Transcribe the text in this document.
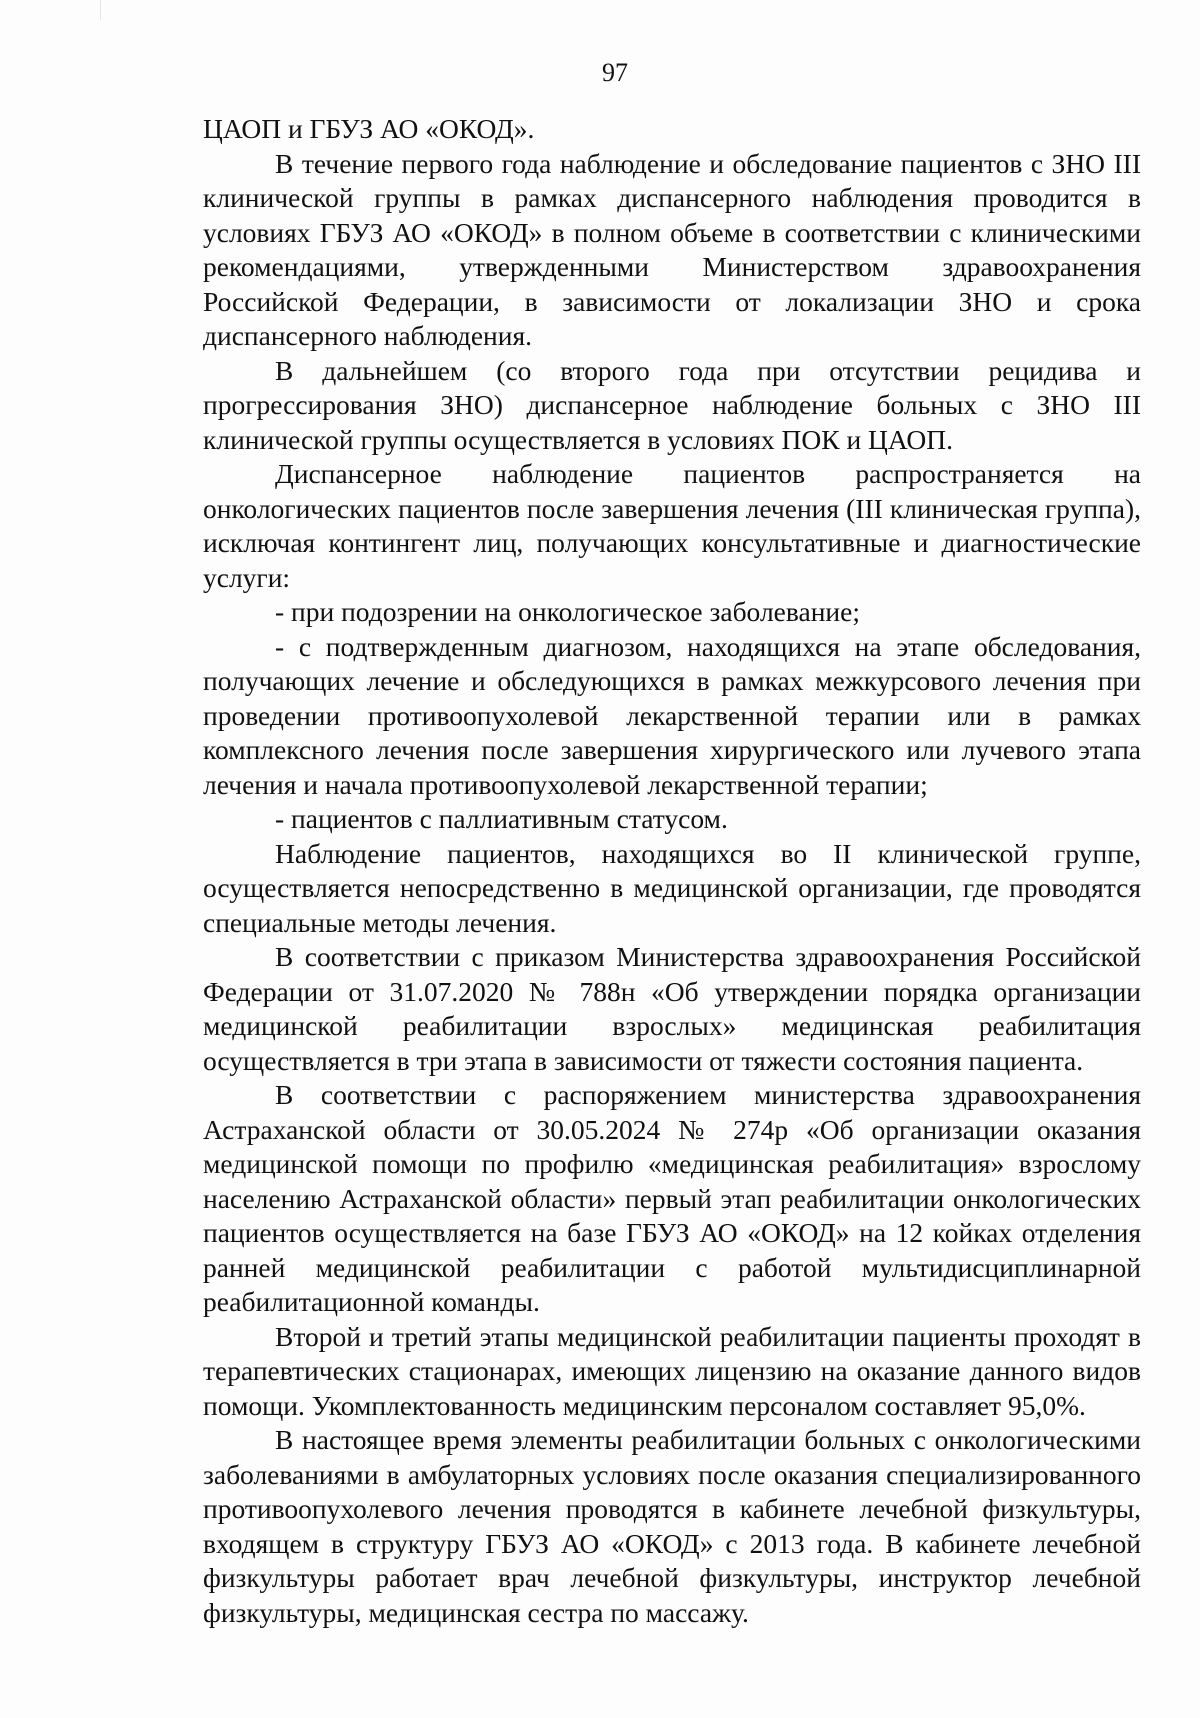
97

ЦАОП и ГБУЗ АО «ОКОД».

В течение первого года наблюдение и обследование пациентов с ЗНО III клинической группы в рамках диспансерного наблюдения проводится в условиях ГБУЗ АО «ОКОД» в полном объеме в соответствии с клиническими рекомендациями, утвержденными Министерством здравоохранения Российской Федерации, в зависимости от локализации ЗНО и срока диспансерного наблюдения.

В дальнейшем (со второго года при отсутствии рецидива и прогрессирования ЗНО) диспансерное наблюдение больных с ЗНО III клинической группы осуществляется в условиях ПОК и ЦАОП.

Диспансерное наблюдение пациентов распространяется на онкологических пациентов после завершения лечения (III клиническая группа), исключая контингент лиц, получающих консультативные и диагностические услуги:

- при подозрении на онкологическое заболевание;

- с подтвержденным диагнозом, находящихся на этапе обследования, получающих лечение и обследующихся в рамках межкурсового лечения при проведении противоопухолевой лекарственной терапии или в рамках комплексного лечения после завершения хирургического или лучевого этапа лечения и начала противоопухолевой лекарственной терапии;

- пациентов с паллиативным статусом.

Наблюдение пациентов, находящихся во II клинической группе, осуществляется непосредственно в медицинской организации, где проводятся специальные методы лечения.

В соответствии с приказом Министерства здравоохранения Российской Федерации от 31.07.2020 № 788н «Об утверждении порядка организации медицинской реабилитации взрослых» медицинская реабилитация осуществляется в три этапа в зависимости от тяжести состояния пациента.

В соответствии с распоряжением министерства здравоохранения Астраханской области от 30.05.2024 № 274р «Об организации оказания медицинской помощи по профилю «медицинская реабилитация» взрослому населению Астраханской области» первый этап реабилитации онкологических пациентов осуществляется на базе ГБУЗ АО «ОКОД» на 12 койках отделения ранней медицинской реабилитации с работой мультидисциплинарной реабилитационной команды.

Второй и третий этапы медицинской реабилитации пациенты проходят в терапевтических стационарах, имеющих лицензию на оказание данного видов помощи. Укомплектованность медицинским персоналом составляет 95,0%.

В настоящее время элементы реабилитации больных с онкологическими заболеваниями в амбулаторных условиях после оказания специализированного противоопухолевого лечения проводятся в кабинете лечебной физкультуры, входящем в структуру ГБУЗ АО «ОКОД» с 2013 года. В кабинете лечебной физкультуры работает врач лечебной физкультуры, инструктор лечебной физкультуры, медицинская сестра по массажу.
